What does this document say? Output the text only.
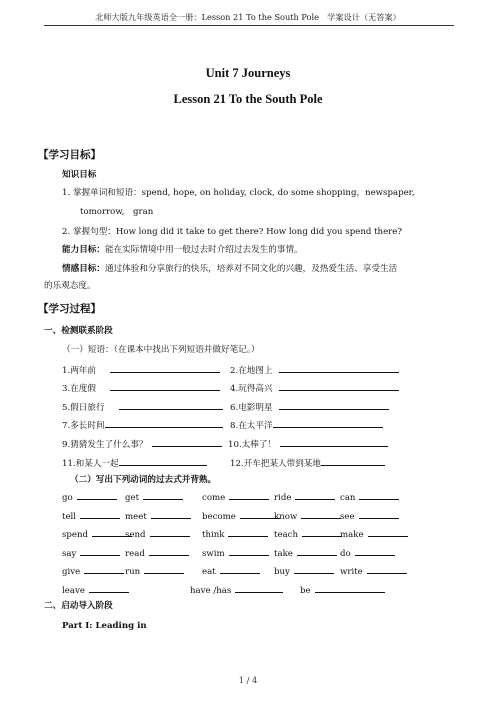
北师大版九年级英语全一册：Lesson 21 To the South Pole　学案设计（无答案）
Unit 7 Journeys
Lesson 21 To the South Pole
【学习目标】
知识目标
1. 掌握单词和短语：spend, hope, on holiday, clock, do some shopping，newspaper,
tomorrow,　gran
2. 掌握句型：How long did it take to get there? How long did you spend there?
能力目标：能在实际情境中用一般过去时介绍过去发生的事情。
情感目标：通过体验和分享旅行的快乐，培养对不同文化的兴趣，及热爱生活、享受生活
的乐观态度。
【学习过程】
一、检测联系阶段
（一）短语：（在课本中找出下列短语并做好笔记。）
1.两年前	2.在地图上
3.在度假	4.玩得高兴
5.假日旅行	6.电影明星
7.多长时间	8.在太平洋
9.猜猜发生了什么事？	10.太棒了！
11.和某人一起	12.开车把某人带到某地
（二）写出下列动词的过去式并背熟。
go	get	come	ride	can
tell	meet	become	know	see
spend	send	think	teach	make
say	read	swim	take	do
give	run	eat	buy	write
leave	have /has	be
二、启动导入阶段
Part I: Leading in
1 / 4
